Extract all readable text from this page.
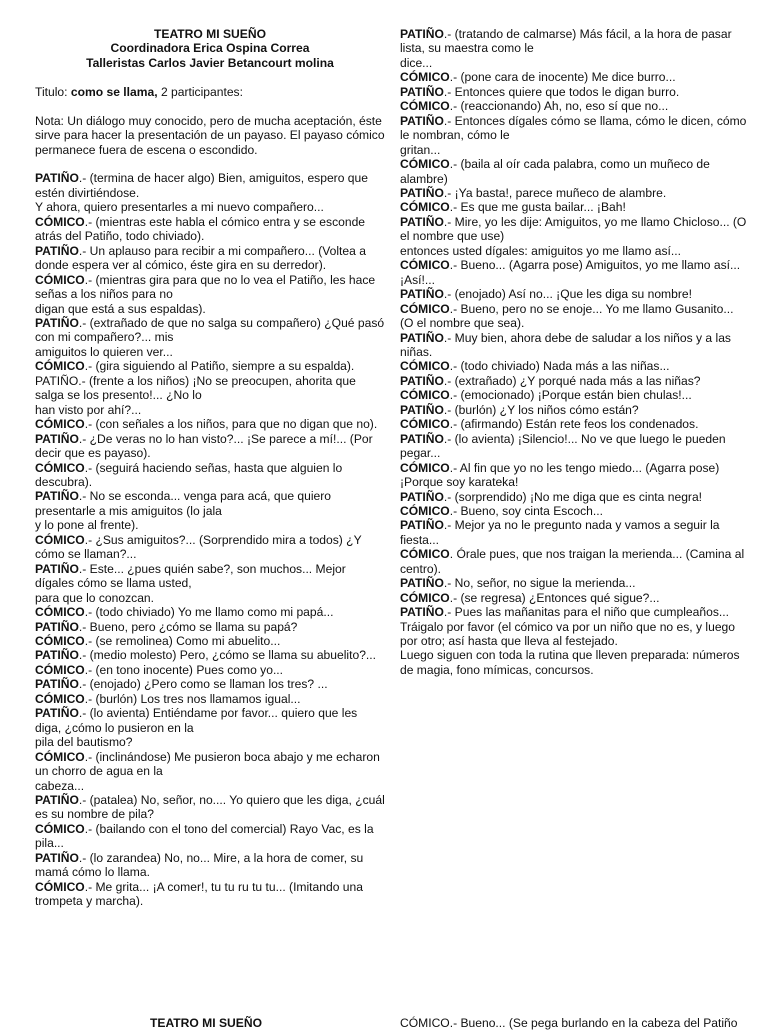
TEATRO MI SUEÑO
Coordinadora Erica Ospina Correa
Talleristas Carlos Javier Betancourt molina
Titulo: como se llama, 2 participantes:
Nota: Un diálogo muy conocido, pero de mucha aceptación, éste sirve para hacer la presentación de un payaso. El payaso cómico permanece fuera de escena o escondido.
PATIÑO.- (termina de hacer algo) Bien, amiguitos, espero que estén divirtiéndose.
Y ahora, quiero presentarles a mi nuevo compañero...
CÓMICO.- (mientras este habla el cómico entra y se esconde atrás del Patiño, todo chiviado).
PATIÑO.- Un aplauso para recibir a mi compañero... (Voltea a donde espera ver al cómico, éste gira en su derredor).
CÓMICO.- (mientras gira para que no lo vea el Patiño, les hace señas a los niños para no
digan que está a sus espaldas).
PATIÑO.- (extrañado de que no salga su compañero) ¿Qué pasó con mi compañero?... mis
amiguitos lo quieren ver...
CÓMICO.- (gira siguiendo al Patiño, siempre a su espalda).
PATIÑO.- (frente a los niños) ¡No se preocupen, ahorita que salga se los presento!... ¿No lo
han visto por ahí?...
CÓMICO.- (con señales a los niños, para que no digan que no).
PATIÑO.- ¿De veras no lo han visto?... ¡Se parece a mí!... (Por decir que es payaso).
CÓMICO.- (seguirá haciendo señas, hasta que alguien lo descubra).
PATIÑO.- No se esconda... venga para acá, que quiero presentarle a mis amiguitos (lo jala
y lo pone al frente).
CÓMICO.- ¿Sus amiguitos?... (Sorprendido mira a todos) ¿Y cómo se llaman?...
PATIÑO.- Este... ¿pues quién sabe?, son muchos... Mejor dígales cómo se llama usted,
para que lo conozcan.
CÓMICO.- (todo chiviado) Yo me llamo como mi papá...
PATIÑO.- Bueno, pero ¿cómo se llama su papá?
CÓMICO.- (se remolinea) Como mi abuelito...
PATIÑO.- (medio molesto) Pero, ¿cómo se llama su abuelito?...
CÓMICO.- (en tono inocente) Pues como yo...
PATIÑO.- (enojado) ¿Pero como se llaman los tres? ...
CÓMICO.- (burlón) Los tres nos llamamos igual...
PATIÑO.- (lo avienta) Entiéndame por favor... quiero que les diga, ¿cómo lo pusieron en la
pila del bautismo?
CÓMICO.- (inclinándose) Me pusieron boca abajo y me echaron un chorro de agua en la
cabeza...
PATIÑO.- (patalea) No, señor, no.... Yo quiero que les diga, ¿cuál es su nombre de pila?
CÓMICO.- (bailando con el tono del comercial) Rayo Vac, es la pila...
PATIÑO.- (lo zarandea) No, no... Mire, a la hora de comer, su mamá cómo lo llama.
CÓMICO.- Me grita... ¡A comer!, tu tu ru tu tu... (Imitando una trompeta y marcha).
PATIÑO.- (tratando de calmarse) Más fácil, a la hora de pasar lista, su maestra como le
dice...
CÓMICO.- (pone cara de inocente) Me dice burro...
PATIÑO.- Entonces quiere que todos le digan burro.
CÓMICO.- (reaccionando) Ah, no, eso sí que no...
PATIÑO.- Entonces dígales cómo se llama, cómo le dicen, cómo le nombran, cómo le
gritan...
CÓMICO.- (baila al oír cada palabra, como un muñeco de alambre)
PATIÑO.- ¡Ya basta!, parece muñeco de alambre.
CÓMICO.- Es que me gusta bailar... ¡Bah!
PATIÑO.- Mire, yo les dije: Amiguitos, yo me llamo Chicloso... (O el nombre que use)
entonces usted dígales: amiguitos yo me llamo así...
CÓMICO.- Bueno... (Agarra pose) Amiguitos, yo me llamo así... ¡Así!...
PATIÑO.- (enojado) Así no... ¡Que les diga su nombre!
CÓMICO.- Bueno, pero no se enoje... Yo me llamo Gusanito... (O el nombre que sea).
PATIÑO.- Muy bien, ahora debe de saludar a los niños y a las niñas.
CÓMICO.- (todo chiviado) Nada más a las niñas...
PATIÑO.- (extrañado) ¿Y porqué nada más a las niñas?
CÓMICO.- (emocionado) ¡Porque están bien chulas!...
PATIÑO.- (burlón) ¿Y los niños cómo están?
CÓMICO.- (afirmando) Están rete feos los condenados.
PATIÑO.- (lo avienta) ¡Silencio!... No ve que luego le pueden pegar...
CÓMICO.- Al fin que yo no les tengo miedo... (Agarra pose) ¡Porque soy karateka!
PATIÑO.- (sorprendido) ¡No me diga que es cinta negra!
CÓMICO.- Bueno, soy cinta Escoch...
PATIÑO.- Mejor ya no le pregunto nada y vamos a seguir la fiesta...
CÓMICO. Órale pues, que nos traigan la merienda... (Camina al centro).
PATIÑO.- No, señor, no sigue la merienda...
CÓMICO.- (se regresa) ¿Entonces qué sigue?...
PATIÑO.- Pues las mañanitas para el niño que cumpleaños... Tráigalo por favor (el cómico va por un niño que no es, y luego por otro; así hasta que lleva al festejado.
Luego siguen con toda la rutina que lleven preparada: números de magia, fono mímicas, concursos.
TEATRO MI SUEÑO	CÓMICO.- Bueno... (Se pega burlando en la cabeza del Patiño
